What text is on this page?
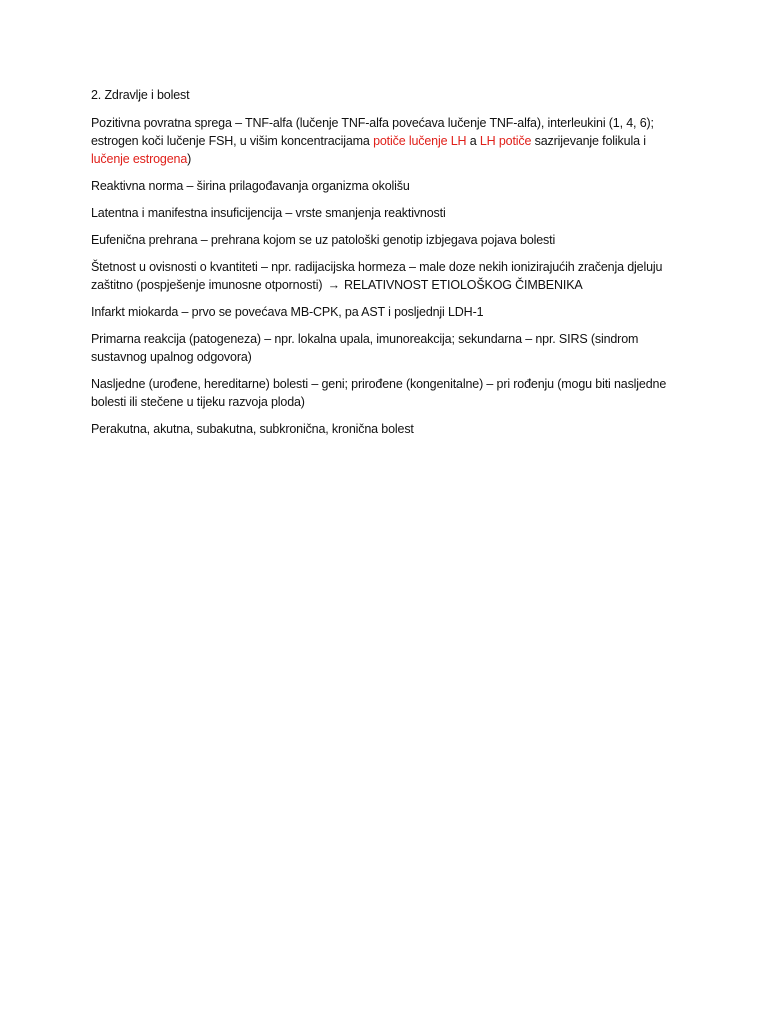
2. Zdravlje i bolest
Pozitivna povratna sprega – TNF-alfa (lučenje TNF-alfa povećava lučenje TNF-alfa), interleukini (1, 4, 6); estrogen koči lučenje FSH, u višim koncentracijama potiče lučenje LH a LH potiče sazrijevanje folikula i lučenje estrogena)
Reaktivna norma – širina prilagođavanja organizma okolišu
Latentna i manifestna insuficijencija – vrste smanjenja reaktivnosti
Eufenična prehrana – prehrana kojom se uz patološki genotip izbjegava pojava bolesti
Štetnost u ovisnosti o kvantiteti – npr. radijacijska hormeza – male doze nekih ionizirajućih zračenja djeluju zaštitno (pospješenje imunosne otpornosti) → RELATIVNOST ETIOLOŠKOG ČIMBENIKA
Infarkt miokarda – prvo se povećava MB-CPK, pa AST i posljednji LDH-1
Primarna reakcija (patogeneza) – npr. lokalna upala, imunoreakcija; sekundarna – npr. SIRS (sindrom sustavnog upalnog odgovora)
Nasljedne (urođene, hereditarne) bolesti – geni; prirođene (kongenitalne) – pri rođenju (mogu biti nasljedne bolesti ili stečene u tijeku razvoja ploda)
Perakutna, akutna, subakutna, subkronična, kronična bolest
